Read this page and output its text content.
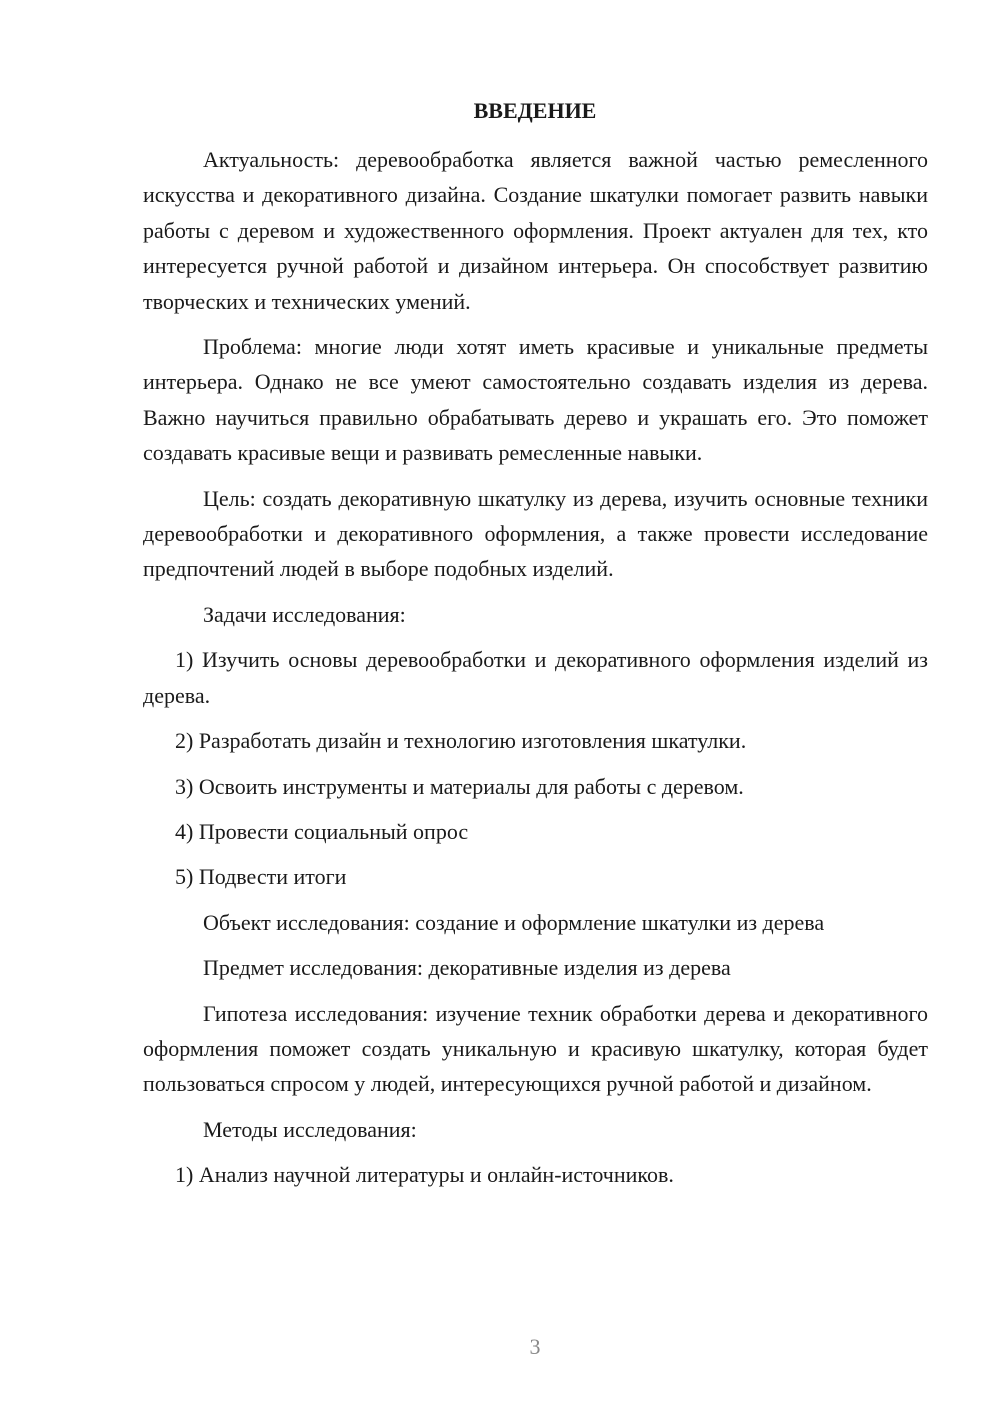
ВВЕДЕНИЕ

Актуальность: деревообработка является важной частью ремесленного искусства и декоративного дизайна. Создание шкатулки помогает развить навыки работы с деревом и художественного оформления. Проект актуален для тех, кто интересуется ручной работой и дизайном интерьера. Он способствует развитию творческих и технических умений.

Проблема: многие люди хотят иметь красивые и уникальные предметы интерьера. Однако не все умеют самостоятельно создавать изделия из дерева. Важно научиться правильно обрабатывать дерево и украшать его. Это поможет создавать красивые вещи и развивать ремесленные навыки.

Цель: создать декоративную шкатулку из дерева, изучить основные техники деревообработки и декоративного оформления, а также провести исследование предпочтений людей в выборе подобных изделий.

Задачи исследования:

1) Изучить основы деревообработки и декоративного оформления изделий из дерева.

2) Разработать дизайн и технологию изготовления шкатулки.

3) Освоить инструменты и материалы для работы с деревом.

4) Провести социальный опрос

5) Подвести итоги

Объект исследования: создание и оформление шкатулки из дерева

Предмет исследования: декоративные изделия из дерева

Гипотеза исследования: изучение техник обработки дерева и декоративного оформления поможет создать уникальную и красивую шкатулку, которая будет пользоваться спросом у людей, интересующихся ручной работой и дизайном.

Методы исследования:

1) Анализ научной литературы и онлайн-источников.

3
